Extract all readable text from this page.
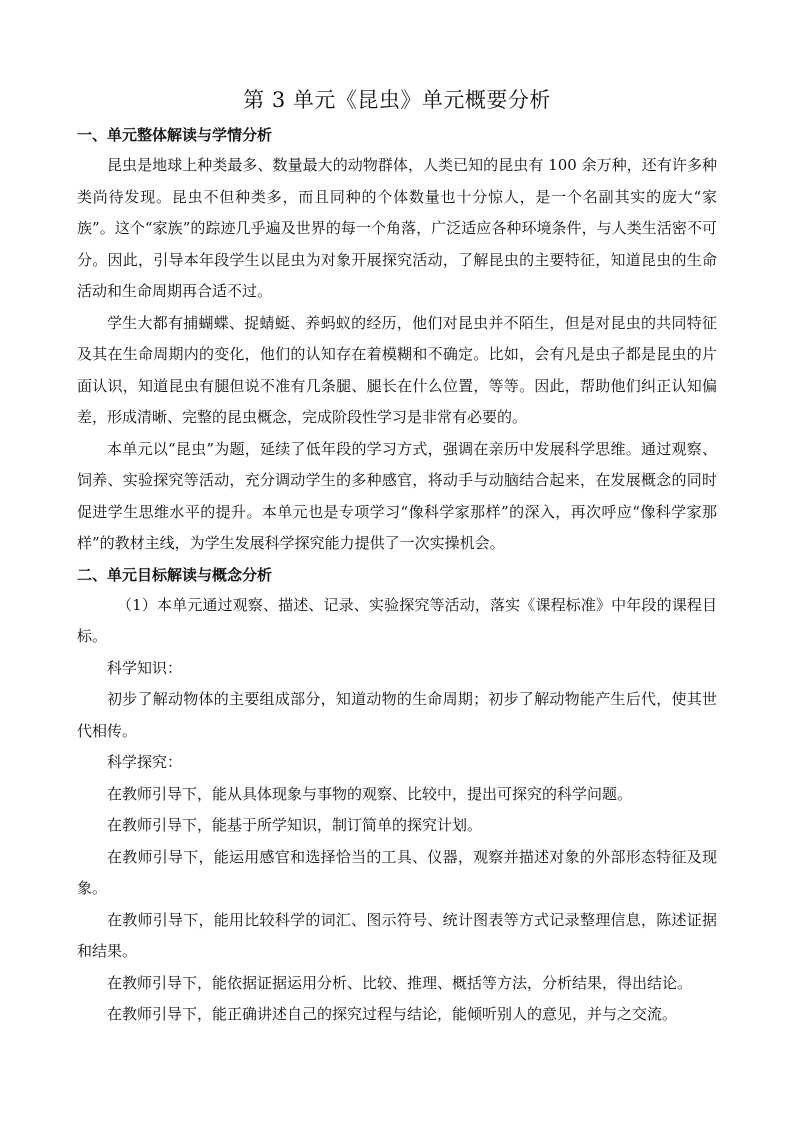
第 3 单元《昆虫》单元概要分析
一、单元整体解读与学情分析

昆虫是地球上种类最多、数量最大的动物群体，人类已知的昆虫有 100 余万种，还有许多种类尚待发现。昆虫不但种类多，而且同种的个体数量也十分惊人，是一个名副其实的庞大“家族”。这个“家族”的踪迹几乎遍及世界的每一个角落，广泛适应各种环境条件，与人类生活密不可分。因此，引导本年段学生以昆虫为对象开展探究活动，了解昆虫的主要特征，知道昆虫的生命活动和生命周期再合适不过。

学生大都有捕蝴蝶、捉蜻蜓、养蚂蚁的经历，他们对昆虫并不陌生，但是对昆虫的共同特征及其在生命周期内的变化，他们的认知存在着模糊和不确定。比如，会有凡是虫子都是昆虫的片面认识，知道昆虫有腿但说不准有几条腿、腿长在什么位置，等等。因此，帮助他们纠正认知偏差，形成清晰、完整的昆虫概念，完成阶段性学习是非常有必要的。

本单元以“昆虫”为题，延续了低年段的学习方式，强调在亲历中发展科学思维。通过观察、饲养、实验探究等活动，充分调动学生的多种感官，将动手与动脑结合起来，在发展概念的同时促进学生思维水平的提升。本单元也是专项学习“像科学家那样”的深入，再次呼应“像科学家那样”的教材主线，为学生发展科学探究能力提供了一次实操机会。

二、单元目标解读与概念分析

（1）本单元通过观察、描述、记录、实验探究等活动，落实《课程标准》中年段的课程目标。

科学知识：

初步了解动物体的主要组成部分，知道动物的生命周期；初步了解动物能产生后代，使其世代相传。

科学探究：

在教师引导下，能从具体现象与事物的观察、比较中，提出可探究的科学问题。

在教师引导下，能基于所学知识，制订简单的探究计划。

在教师引导下，能运用感官和选择恰当的工具、仪器，观察并描述对象的外部形态特征及现象。

在教师引导下，能用比较科学的词汇、图示符号、统计图表等方式记录整理信息，陈述证据和结果。

在教师引导下，能依据证据运用分析、比较、推理、概括等方法，分析结果，得出结论。

在教师引导下，能正确讲述自己的探究过程与结论，能倾听别人的意见，并与之交流。
